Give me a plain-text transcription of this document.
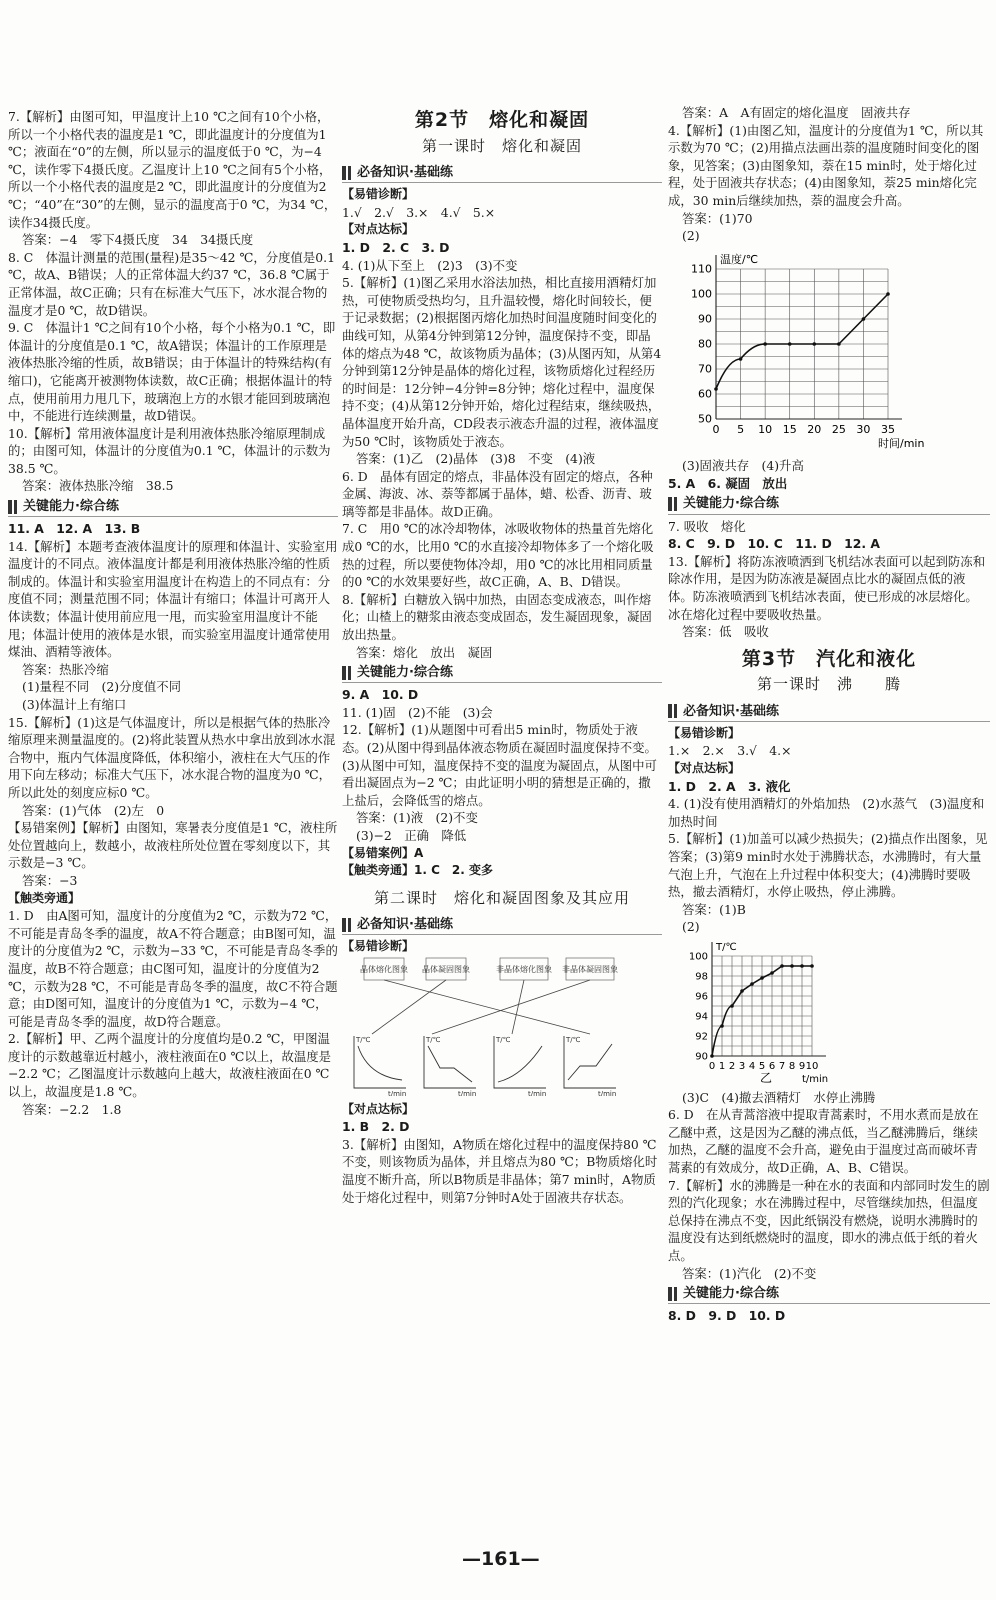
7.【解析】由图可知，甲温度计上10 ℃之间有10个小格，所以一个小格代表的温度是1 ℃，即此温度计的分度值为1 ℃；液面在“0”的左侧，所以显示的温度低于0 ℃，为−4 ℃，读作零下4摄氏度。乙温度计上10 ℃之间有5个小格，所以一个小格代表的温度是2 ℃，即此温度计的分度值为2 ℃；“40”在“30”的左侧，显示的温度高于0 ℃，为34 ℃，读作34摄氏度。

答案：−4　零下4摄氏度　34　34摄氏度

8. C　体温计测量的范围(量程)是35～42 ℃，分度值是0.1 ℃，故A、B错误；人的正常体温大约37 ℃，36.8 ℃属于正常体温，故C正确；只有在标准大气压下，冰水混合物的温度才是0 ℃，故D错误。

9. C　体温计1 ℃之间有10个小格，每个小格为0.1 ℃，即体温计的分度值是0.1 ℃，故A错误；体温计的工作原理是液体热胀冷缩的性质，故B错误；由于体温计的特殊结构(有缩口)，它能离开被测物体读数，故C正确；根据体温计的特点，使用前用力甩几下，玻璃泡上方的水银才能回到玻璃泡中，不能进行连续测量，故D错误。

10.【解析】常用液体温度计是利用液体热胀冷缩原理制成的；由图可知，体温计的分度值为0.1 ℃，体温计的示数为38.5 ℃。

答案：液体热胀冷缩　38.5

关键能力·综合练

11. A　12. A　13. B

14.【解析】本题考查液体温度计的原理和体温计、实验室用温度计的不同点。液体温度计都是利用液体热胀冷缩的性质制成的。体温计和实验室用温度计在构造上的不同点有：分度值不同；测量范围不同；体温计有缩口；体温计可离开人体读数；体温计使用前应甩一甩，而实验室用温度计不能甩；体温计使用的液体是水银，而实验室用温度计通常使用煤油、酒精等液体。

答案：热胀冷缩

(1)量程不同　(2)分度值不同

(3)体温计上有缩口

15.【解析】(1)这是气体温度计，所以是根据气体的热胀冷缩原理来测量温度的。(2)将此装置从热水中拿出放到冰水混合物中，瓶内气体温度降低，体积缩小，液柱在大气压的作用下向左移动；标准大气压下，冰水混合物的温度为0 ℃，所以此处的刻度应标0 ℃。

答案：(1)气体　(2)左　0

【易错案例】【解析】由图知，寒暑表分度值是1 ℃，液柱所处位置越向上，数越小，故液柱所处位置在零刻度以下，其示数是−3 ℃。

答案：−3

【触类旁通】

1. D　由A图可知，温度计的分度值为2 ℃，示数为72 ℃，不可能是青岛冬季的温度，故A不符合题意；由B图可知，温度计的分度值为2 ℃，示数为−33 ℃，不可能是青岛冬季的温度，故B不符合题意；由C图可知，温度计的分度值为2 ℃，示数为28 ℃，不可能是青岛冬季的温度，故C不符合题意；由D图可知，温度计的分度值为1 ℃，示数为−4 ℃，可能是青岛冬季的温度，故D符合题意。

2.【解析】甲、乙两个温度计的分度值均是0.2 ℃，甲图温度计的示数越靠近村越小，液柱液面在0 ℃以上，故温度是−2.2 ℃；乙图温度计示数越向上越大，故液柱液面在0 ℃以上，故温度是1.8 ℃。

答案：−2.2　1.8

第2节　熔化和凝固
第一课时　熔化和凝固
必备知识·基础练

【易错诊断】

1.√　2.√　3.×　4.√　5.×

【对点达标】

1. D　2. C　3. D

4. (1)从下至上　(2)3　(3)不变

5.【解析】(1)图乙采用水浴法加热，相比直接用酒精灯加热，可使物质受热均匀，且升温较慢，熔化时间较长，便于记录数据；(2)根据图丙熔化加热时间温度随时间变化的曲线可知，从第4分钟到第12分钟，温度保持不变，即晶体的熔点为48 ℃，故该物质为晶体；(3)从图丙知，从第4分钟到第12分钟是晶体的熔化过程，该物质熔化过程经历的时间是：12分钟−4分钟=8分钟；熔化过程中，温度保持不变；(4)从第12分钟开始，熔化过程结束，继续吸热，晶体温度开始升高，CD段表示液态升温的过程，液体温度为50 ℃时，该物质处于液态。

答案：(1)乙　(2)晶体　(3)8　不变　(4)液

6. D　晶体有固定的熔点，非晶体没有固定的熔点，各种金属、海波、冰、萘等都属于晶体，蜡、松香、沥青、玻璃等都是非晶体。故D正确。

7. C　用0 ℃的冰冷却物体，冰吸收物体的热量首先熔化成0 ℃的水，比用0 ℃的水直接冷却物体多了一个熔化吸热的过程，所以要使物体冷却，用0 ℃的冰比用相同质量的0 ℃的水效果要好些，故C正确，A、B、D错误。

8.【解析】白糖放入锅中加热，由固态变成液态，叫作熔化；山楂上的糖浆由液态变成固态，发生凝固现象，凝固放出热量。

答案：熔化　放出　凝固

关键能力·综合练

9. A　10. D

11. (1)固　(2)不能　(3)会

12.【解析】(1)从题图中可看出5 min时，物质处于液态。(2)从图中得到晶体液态物质在凝固时温度保持不变。(3)从图中可知，温度保持不变的温度为凝固点，从图中可看出凝固点为−2 ℃；由此证明小明的猜想是正确的，撒上盐后，会降低雪的熔点。

答案：(1)液　(2)不变

(3)−2　正确　降低

【易错案例】A

【触类旁通】1. C　2. 变多

第二课时　熔化和凝固图象及其应用
必备知识·基础练

【易错诊断】

晶体熔化图象 晶体凝固图象	非晶体熔化图象 非晶体凝固图象
T/℃	T/℃	T/℃	T/℃
t/min	t/min	t/min	t/min

【对点达标】

1. B　2. D

3.【解析】由图知，A物质在熔化过程中的温度保持80 ℃不变，则该物质为晶体，并且熔点为80 ℃；B物质熔化时温度不断升高，所以B物质是非晶体；第7 min时，A物质处于熔化过程中，则第7分钟时A处于固液共存状态。

答案：A　A有固定的熔化温度　固液共存

4.【解析】(1)由图乙知，温度计的分度值为1 ℃，所以其示数为70 ℃；(2)用描点法画出萘的温度随时间变化的图象，见答案；(3)由图象知，萘在15 min时，处于熔化过程，处于固液共存状态；(4)由图象知，萘25 min熔化完成，30 min后继续加热，萘的温度会升高。

答案：(1)70

(2)

0 5 10 15 20 25 30 35
50
60
70
80
90
100
110
温度/℃
时间/min

(3)固液共存　(4)升高

5. A　6. 凝固　放出

关键能力·综合练

7. 吸收　熔化

8. C　9. D　10. C　11. D　12. A

13.【解析】将防冻液喷洒到飞机结冰表面可以起到防冻和除冰作用，是因为防冻液是凝固点比水的凝固点低的液体。防冻液喷洒到飞机结冰表面，使已形成的冰层熔化。冰在熔化过程中要吸收热量。

答案：低　吸收

第3节　汽化和液化
第一课时　沸　　腾
必备知识·基础练

【易错诊断】

1.×　2.×　3.√　4.×

【对点达标】

1. D　2. A　3. 液化

4. (1)没有使用酒精灯的外焰加热　(2)水蒸气　(3)温度和加热时间

5.【解析】(1)加盖可以减少热损失；(2)描点作出图象，见答案；(3)第9 min时水处于沸腾状态，水沸腾时，有大量气泡上升，气泡在上升过程中体积变大；(4)沸腾时要吸热，撤去酒精灯，水停止吸热，停止沸腾。

答案：(1)B

(2)

0 1 2 3 4 5 6 7 8 9 10
90
92
94
96
98
100
T/℃
t/min
乙

(3)C　(4)撤去酒精灯　水停止沸腾

6. D　在从青蒿溶液中提取青蒿素时，不用水煮而是放在乙醚中煮，这是因为乙醚的沸点低，当乙醚沸腾后，继续加热，乙醚的温度不会升高，避免由于温度过高而破坏青蒿素的有效成分，故D正确，A、B、C错误。

7.【解析】水的沸腾是一种在水的表面和内部同时发生的剧烈的汽化现象；水在沸腾过程中，尽管继续加热，但温度总保持在沸点不变，因此纸锅没有燃烧，说明水沸腾时的温度没有达到纸燃烧时的温度，即水的沸点低于纸的着火点。

答案：(1)汽化　(2)不变

关键能力·综合练

8. D　9. D　10. D

—161—
